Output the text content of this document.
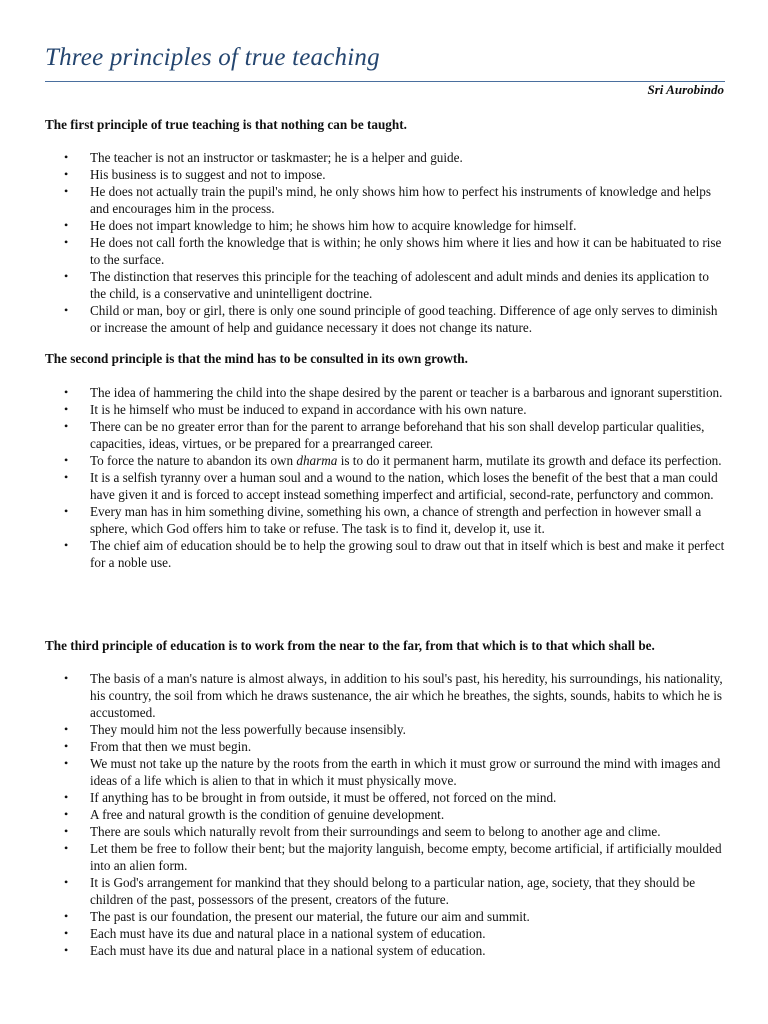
Three principles of true teaching
Sri Aurobindo
The first principle of true teaching is that nothing can be taught.
• The teacher is not an instructor or taskmaster; he is a helper and guide.
• His business is to suggest and not to impose.
• He does not actually train the pupil's mind, he only shows him how to perfect his instruments of knowledge and helps and encourages him in the process.
• He does not impart knowledge to him; he shows him how to acquire knowledge for himself.
• He does not call forth the knowledge that is within; he only shows him where it lies and how it can be habituated to rise to the surface.
• The distinction that reserves this principle for the teaching of adolescent and adult minds and denies its application to the child, is a conservative and unintelligent doctrine.
• Child or man, boy or girl, there is only one sound principle of good teaching. Difference of age only serves to diminish or increase the amount of help and guidance necessary it does not change its nature.
The second principle is that the mind has to be consulted in its own growth.
• The idea of hammering the child into the shape desired by the parent or teacher is a barbarous and ignorant superstition.
• It is he himself who must be induced to expand in accordance with his own nature.
• There can be no greater error than for the parent to arrange beforehand that his son shall develop particular qualities, capacities, ideas, virtues, or be prepared for a prearranged career.
• To force the nature to abandon its own dharma is to do it permanent harm, mutilate its growth and deface its perfection.
• It is a selfish tyranny over a human soul and a wound to the nation, which loses the benefit of the best that a man could have given it and is forced to accept instead something imperfect and artificial, second-rate, perfunctory and common.
• Every man has in him something divine, something his own, a chance of strength and perfection in however small a sphere, which God offers him to take or refuse. The task is to find it, develop it, use it.
• The chief aim of education should be to help the growing soul to draw out that in itself which is best and make it perfect for a noble use.
The third principle of education is to work from the near to the far, from that which is to that which shall be.
• The basis of a man's nature is almost always, in addition to his soul's past, his heredity, his surroundings, his nationality, his country, the soil from which he draws sustenance, the air which he breathes, the sights, sounds, habits to which he is accustomed.
• They mould him not the less powerfully because insensibly.
• From that then we must begin.
• We must not take up the nature by the roots from the earth in which it must grow or surround the mind with images and ideas of a life which is alien to that in which it must physically move.
• If anything has to be brought in from outside, it must be offered, not forced on the mind.
• A free and natural growth is the condition of genuine development.
• There are souls which naturally revolt from their surroundings and seem to belong to another age and clime.
• Let them be free to follow their bent; but the majority languish, become empty, become artificial, if artificially moulded into an alien form.
• It is God's arrangement for mankind that they should belong to a particular nation, age, society, that they should be children of the past, possessors of the present, creators of the future.
• The past is our foundation, the present our material, the future our aim and summit.
• Each must have its due and natural place in a national system of education.
• Each must have its due and natural place in a national system of education.
